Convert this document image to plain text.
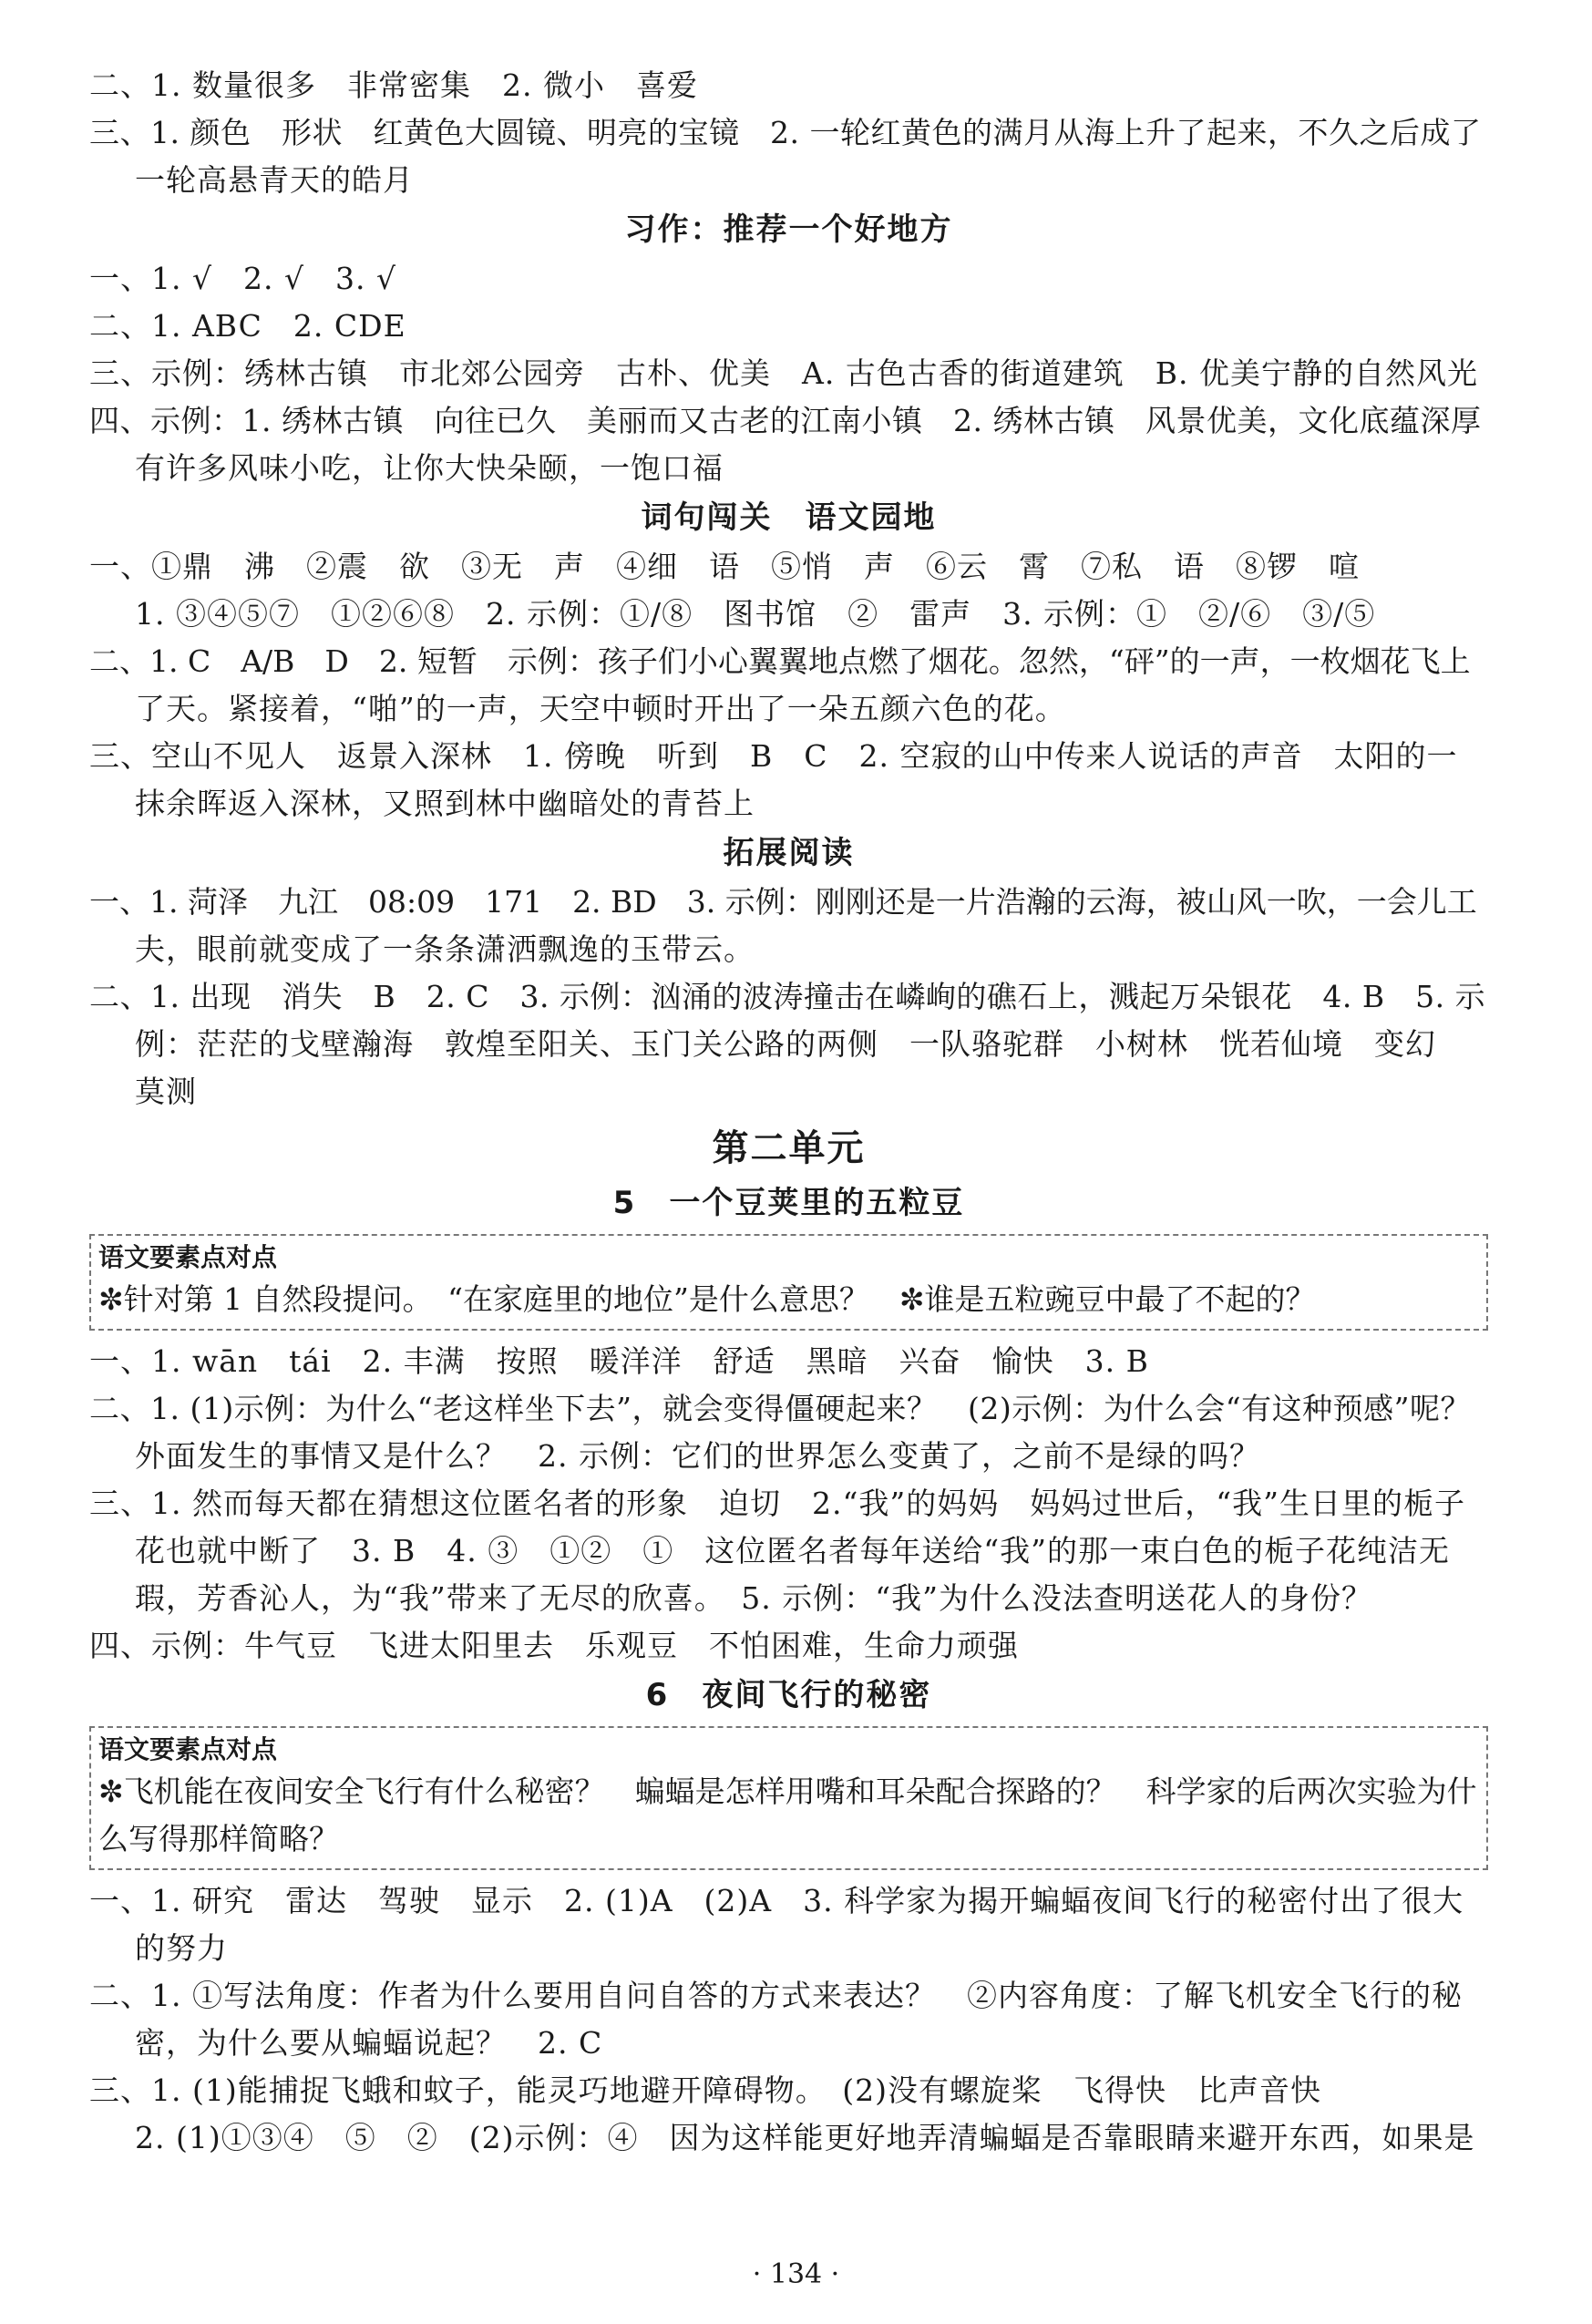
二、1. 数量很多　非常密集　2. 微小　喜爱
三、1. 颜色　形状　红黄色大圆镜、明亮的宝镜　2. 一轮红黄色的满月从海上升了起来，不久之后成了
一轮高悬青天的皓月
习作：推荐一个好地方
一、1. √　2. √　3. √
二、1. ABC　2. CDE
三、示例：绣林古镇　市北郊公园旁　古朴、优美　A. 古色古香的街道建筑　B. 优美宁静的自然风光
四、示例：1. 绣林古镇　向往已久　美丽而又古老的江南小镇　2. 绣林古镇　风景优美，文化底蕴深厚
有许多风味小吃，让你大快朵颐，一饱口福
词句闯关　语文园地
一、①鼎　沸　②震　欲　③无　声　④细　语　⑤悄　声　⑥云　霄　⑦私　语　⑧锣　喧
1. ③④⑤⑦　①②⑥⑧　2. 示例：①/⑧　图书馆　②　雷声　3. 示例：①　②/⑥　③/⑤
二、1. C　A/B　D　2. 短暂　示例：孩子们小心翼翼地点燃了烟花。忽然，“砰”的一声，一枚烟花飞上
了天。紧接着，“啪”的一声，天空中顿时开出了一朵五颜六色的花。
三、空山不见人　返景入深林　1. 傍晚　听到　B　C　2. 空寂的山中传来人说话的声音　太阳的一
抹余晖返入深林，又照到林中幽暗处的青苔上
拓展阅读
一、1. 菏泽　九江　08:09　171　2. BD　3. 示例：刚刚还是一片浩瀚的云海，被山风一吹，一会儿工
夫，眼前就变成了一条条潇洒飘逸的玉带云。
二、1. 出现　消失　B　2. C　3. 示例：汹涌的波涛撞击在嶙峋的礁石上，溅起万朵银花　4. B　5. 示
例：茫茫的戈壁瀚海　敦煌至阳关、玉门关公路的两侧　一队骆驼群　小树林　恍若仙境　变幻
莫测
第二单元
5　一个豆荚里的五粒豆
语文要素点对点
✼针对第 1 自然段提问。　“在家庭里的地位”是什么意思？　✼谁是五粒豌豆中最了不起的？
一、1. wān　tái　2. 丰满　按照　暖洋洋　舒适　黑暗　兴奋　愉快　3. B
二、1. (1)示例：为什么“老这样坐下去”，就会变得僵硬起来？　(2)示例：为什么会“有这种预感”呢？
外面发生的事情又是什么？　2. 示例：它们的世界怎么变黄了，之前不是绿的吗？
三、1. 然而每天都在猜想这位匿名者的形象　迫切　2.“我”的妈妈　妈妈过世后，“我”生日里的栀子
花也就中断了　3. B　4. ③　①②　①　这位匿名者每年送给“我”的那一束白色的栀子花纯洁无
瑕，芳香沁人，为“我”带来了无尽的欣喜。　5. 示例：“我”为什么没法查明送花人的身份？
四、示例：牛气豆　飞进太阳里去　乐观豆　不怕困难，生命力顽强
6　夜间飞行的秘密
语文要素点对点
✼飞机能在夜间安全飞行有什么秘密？　蝙蝠是怎样用嘴和耳朵配合探路的？　科学家的后两次实验为什么写得那样简略？
一、1. 研究　雷达　驾驶　显示　2. (1)A　(2)A　3. 科学家为揭开蝙蝠夜间飞行的秘密付出了很大
的努力
二、1. ①写法角度：作者为什么要用自问自答的方式来表达？　②内容角度：了解飞机安全飞行的秘
密，为什么要从蝙蝠说起？　2. C
三、1. (1)能捕捉飞蛾和蚊子，能灵巧地避开障碍物。　(2)没有螺旋桨　飞得快　比声音快
2. (1)①③④　⑤　②　(2)示例：④　因为这样能更好地弄清蝙蝠是否靠眼睛来避开东西，如果是
· 134 ·
